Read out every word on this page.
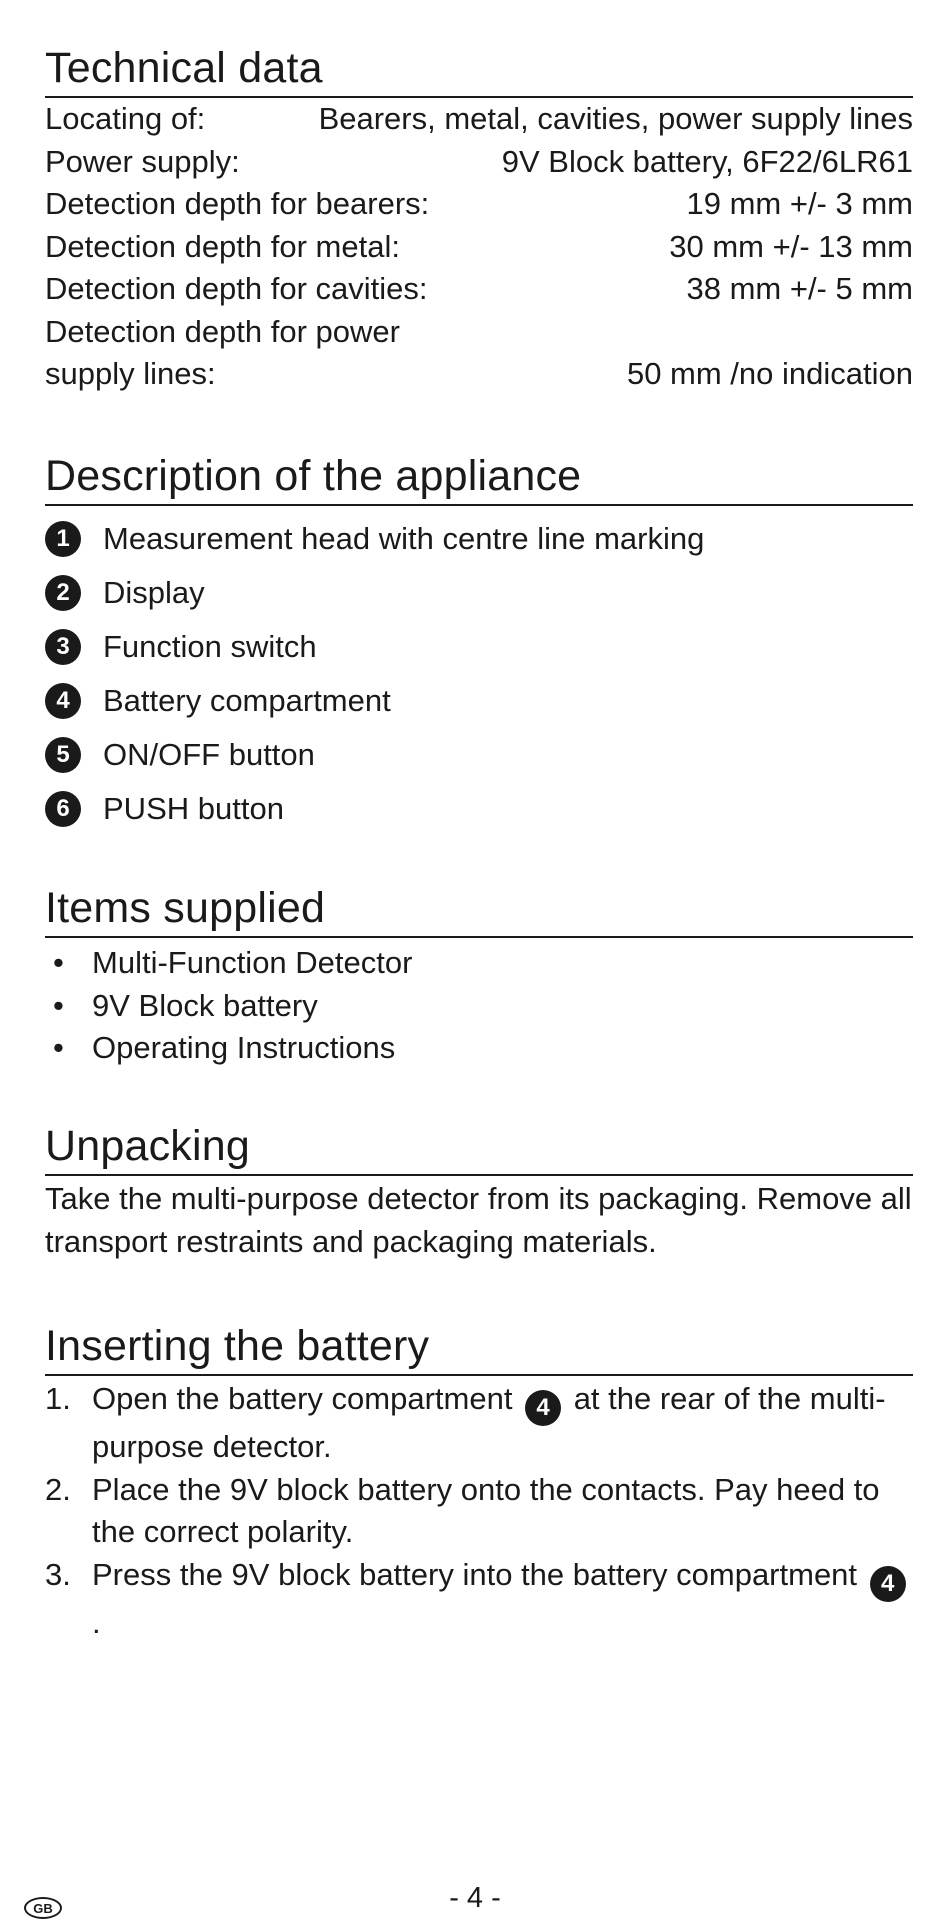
Technical data
Locating of:	Bearers, metal, cavities, power supply lines
Power supply:	9V Block battery, 6F22/6LR61
Detection depth for bearers:	19 mm +/- 3 mm
Detection depth for metal:	30 mm +/- 13 mm
Detection depth for cavities:	38 mm +/- 5 mm
Detection depth for power supply lines:	50 mm /no indication
Description of the appliance
1	Measurement head with centre line marking
2	Display
3	Function switch
4	Battery compartment
5	ON/OFF button
6	PUSH button
Items supplied
• Multi-Function Detector
• 9V Block battery
• Operating Instructions
Unpacking

Take the multi-purpose detector from its packaging. Remove all transport restraints and packaging materials.

Inserting the battery
1. Open the battery compartment 4 at the rear of the multi-purpose detector.
2. Place the 9V block battery onto the contacts. Pay heed to the correct polarity.
3. Press the 9V block battery into the battery compartment 4.
GB	- 4 -
